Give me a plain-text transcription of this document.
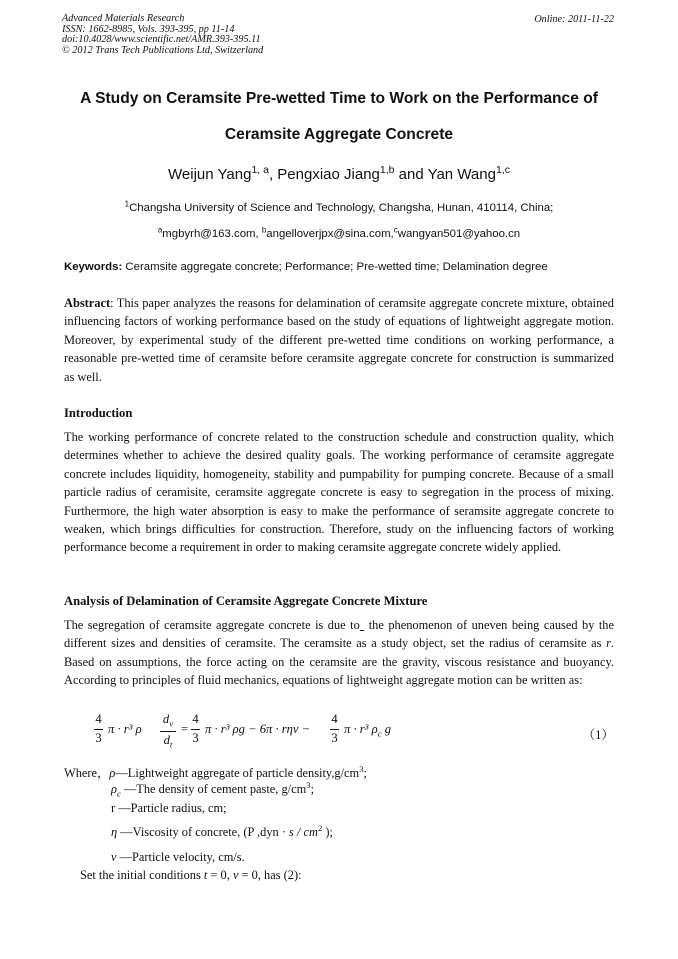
Advanced Materials Research
ISSN: 1662-8985, Vols. 393-395, pp 11-14
doi:10.4028/www.scientific.net/AMR.393-395.11
© 2012 Trans Tech Publications Ltd, Switzerland
Online: 2011-11-22
A Study on Ceramsite Pre-wetted Time to Work on the Performance of
Ceramsite Aggregate Concrete
Weijun Yang$^{1, a}$, Pengxiao Jiang$^{1,b}$ and Yan Wang$^{1,c}$
$^1$Changsha University of Science and Technology, Changsha, Hunan, 410114, China;
$^a$mgbyrh@163.com, $^b$angelloverjpx@sina.com,$^c$wangyan501@yahoo.cn
Keywords: Ceramsite aggregate concrete; Performance; Pre-wetted time; Delamination degree

Abstract: This paper analyzes the reasons for delamination of ceramsite aggregate concrete mixture, obtained influencing factors of working performance based on the study of equations of lightweight aggregate motion. Moreover, by experimental study of the different pre-wetted time conditions on working performance, a reasonable pre-wetted time of ceramsite before ceramsite aggregate concrete for construction is summarized as well.

Introduction
The working performance of concrete related to the construction schedule and construction quality, which determines whether to achieve the desired quality goals. The working performance of ceramsite aggregate concrete includes liquidity, homogeneity, stability and pumpability for pumping concrete. Because of a small particle radius of ceramisite, ceramsite aggregate concrete is easy to segregation in the process of mixing. Furthermore, the high water absorption is easy to make the performance of seramsite aggregate concrete to weaken, which brings difficulties for construction. Therefore, study on the influencing factors of working performance become a requirement in order to making ceramsite aggregate concrete widely applied.
Analysis of Delamination of Ceramsite Aggregate Concrete Mixture

The segregation of ceramsite aggregate concrete is due to  the phenomenon of uneven being caused by the different sizes and densities of ceramsite. The ceramsite as a study object, set the radius of ceramsite as r. Based on assumptions, the force acting on the ceramsite are the gravity, viscous resistance and buoyancy. According to principles of fluid mechanics, equations of lightweight aggregate motion can be written as:

4
3
π · r³ ρ
$d_v$
$d_t$
=
4
3
π · r³ ρg − 6π · rηv −
4
3
π · r³ $\rho_c$ g	（1）
Where，ρ—Lightweight aggregate of particle $density,g/cm^3$;
$\rho_c$ —The density of cement paste, $g/cm^3$;
r —Particle radius, cm;
η —Viscosity of concrete, (P $,dyn \cdot s / cm^2$ );
v —Particle velocity, cm/s.
Set the initial conditions t = 0, v = 0, has (2):
